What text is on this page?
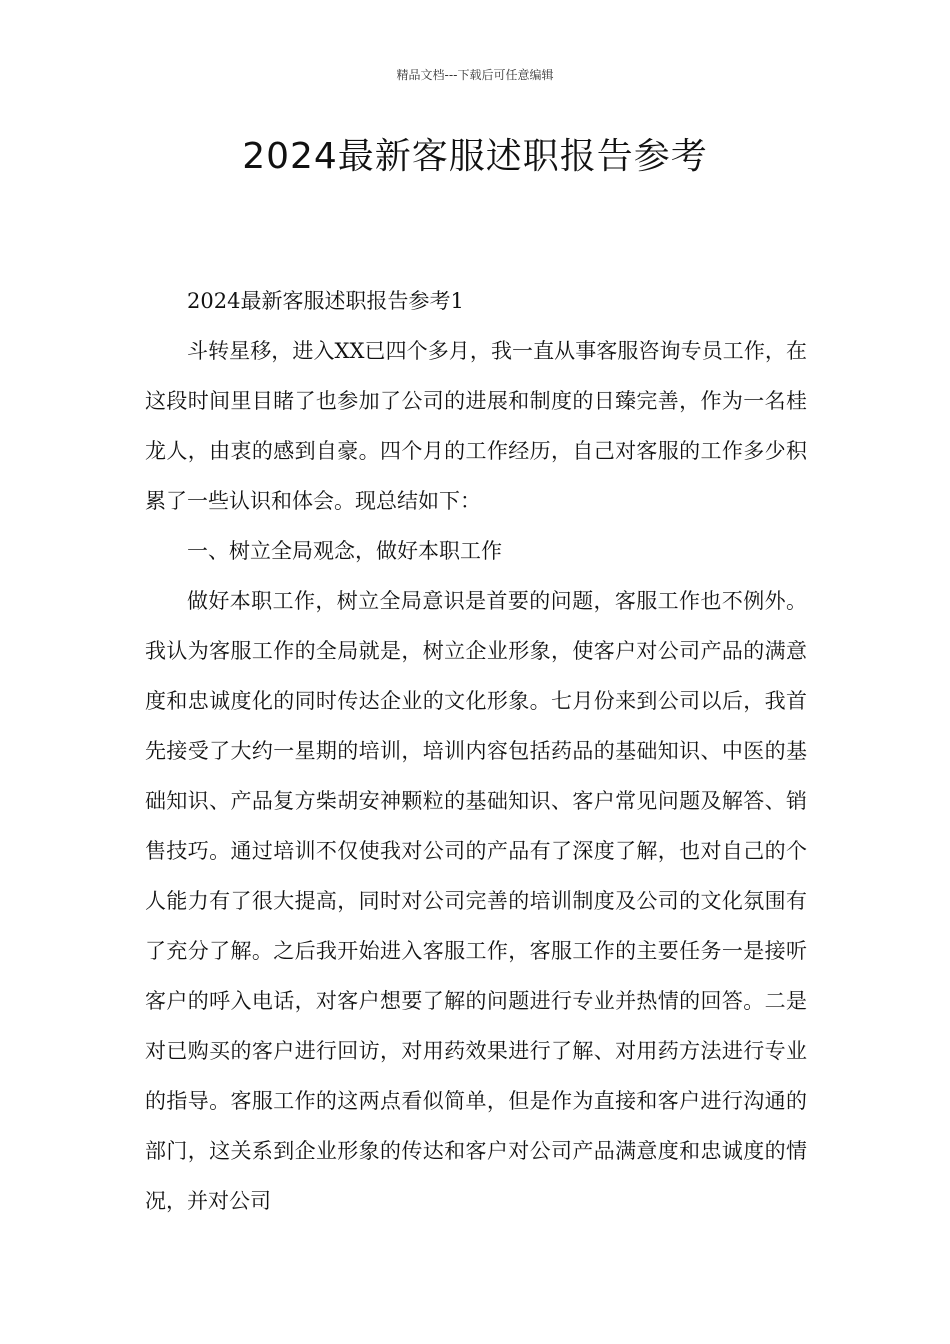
精品文档---下载后可任意编辑
2024最新客服述职报告参考

2024最新客服述职报告参考1

斗转星移，进入XX已四个多月，我一直从事客服咨询专员工作，在这段时间里目睹了也参加了公司的进展和制度的日臻完善，作为一名桂龙人，由衷的感到自豪。四个月的工作经历，自己对客服的工作多少积累了一些认识和体会。现总结如下：

一、树立全局观念，做好本职工作

做好本职工作，树立全局意识是首要的问题，客服工作也不例外。我认为客服工作的全局就是，树立企业形象，使客户对公司产品的满意度和忠诚度化的同时传达企业的文化形象。七月份来到公司以后，我首先接受了大约一星期的培训，培训内容包括药品的基础知识、中医的基础知识、产品复方柴胡安神颗粒的基础知识、客户常见问题及解答、销售技巧。通过培训不仅使我对公司的产品有了深度了解，也对自己的个人能力有了很大提高，同时对公司完善的培训制度及公司的文化氛围有了充分了解。之后我开始进入客服工作，客服工作的主要任务一是接听客户的呼入电话，对客户想要了解的问题进行专业并热情的回答。二是对已购买的客户进行回访，对用药效果进行了解、对用药方法进行专业的指导。客服工作的这两点看似简单，但是作为直接和客户进行沟通的部门，这关系到企业形象的传达和客户对公司产品满意度和忠诚度的情况，并对公司
